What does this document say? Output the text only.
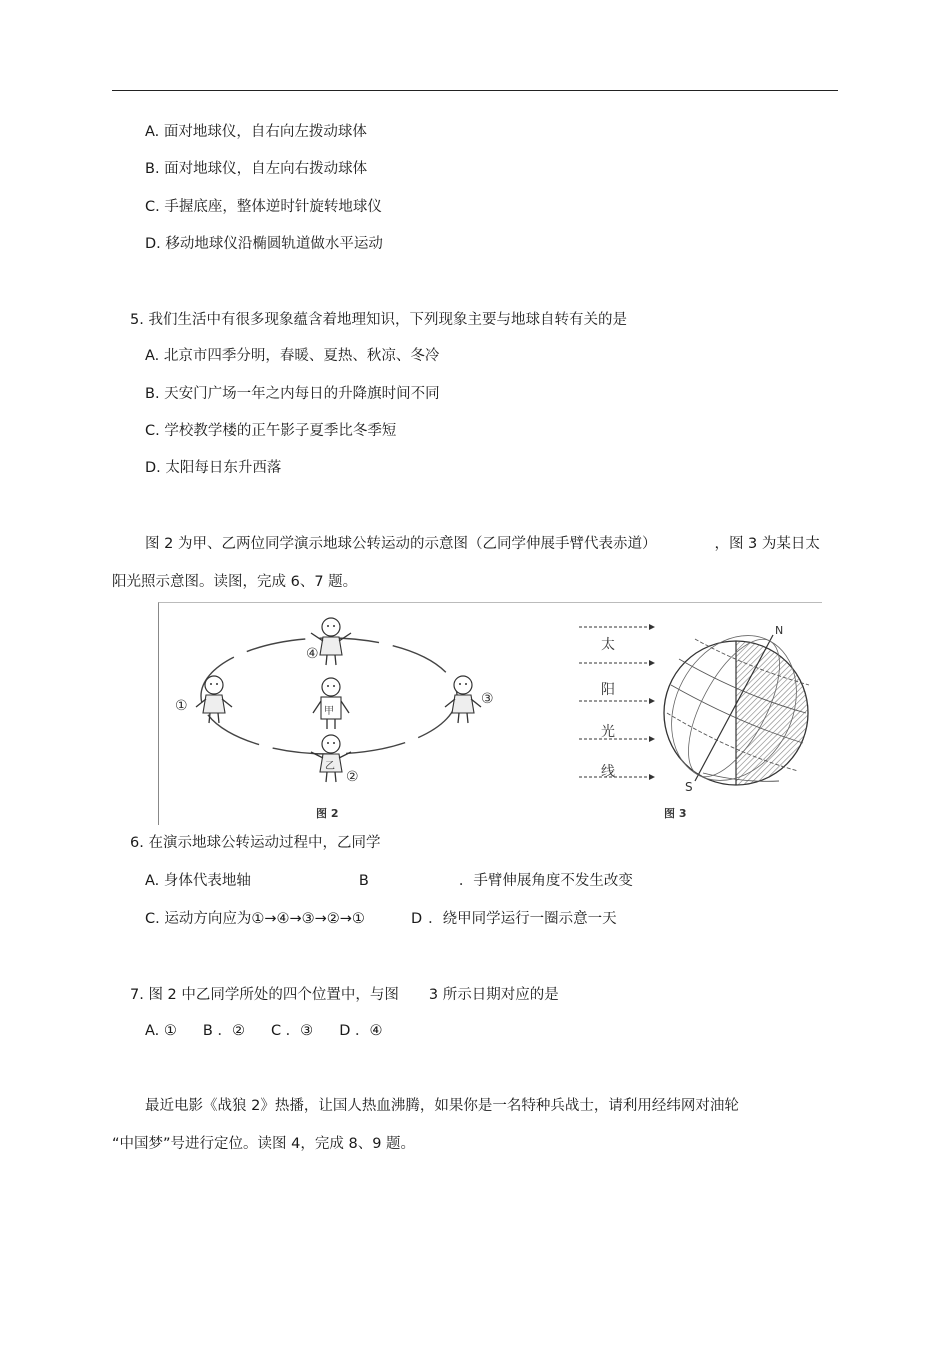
A. 面对地球仪，自右向左拨动球体
B. 面对地球仪，自左向右拨动球体
C. 手握底座，整体逆时针旋转地球仪
D. 移动地球仪沿椭圆轨道做水平运动
5. 我们生活中有很多现象蕴含着地理知识，下列现象主要与地球自转有关的是
A. 北京市四季分明，春暖、夏热、秋凉、冬冷
B. 天安门广场一年之内每日的升降旗时间不同
C. 学校教学楼的正午影子夏季比冬季短
D. 太阳每日东升西落
图 2 为甲、乙两位同学演示地球公转运动的示意图（乙同学伸展手臂代表赤道）	，图 3 为某日太
阳光照示意图。读图，完成 6、7 题。
④
①	甲
③
乙
②
图 2
太
阳
光
线
N
S
图 3
6. 在演示地球公转运动过程中，乙同学
A. 身体代表地轴	B	．手臂伸展角度不发生改变
C. 运动方向应为①→④→③→②→①	D ．绕甲同学运行一圈示意一天
7. 图 2 中乙同学所处的四个位置中，与图 3 所示日期对应的是
A. ① B ．② C ．③ D ．④
最近电影《战狼 2》热播，让国人热血沸腾，如果你是一名特种兵战士，请利用经纬网对油轮
“中国梦”号进行定位。读图 4，完成 8、9 题。
